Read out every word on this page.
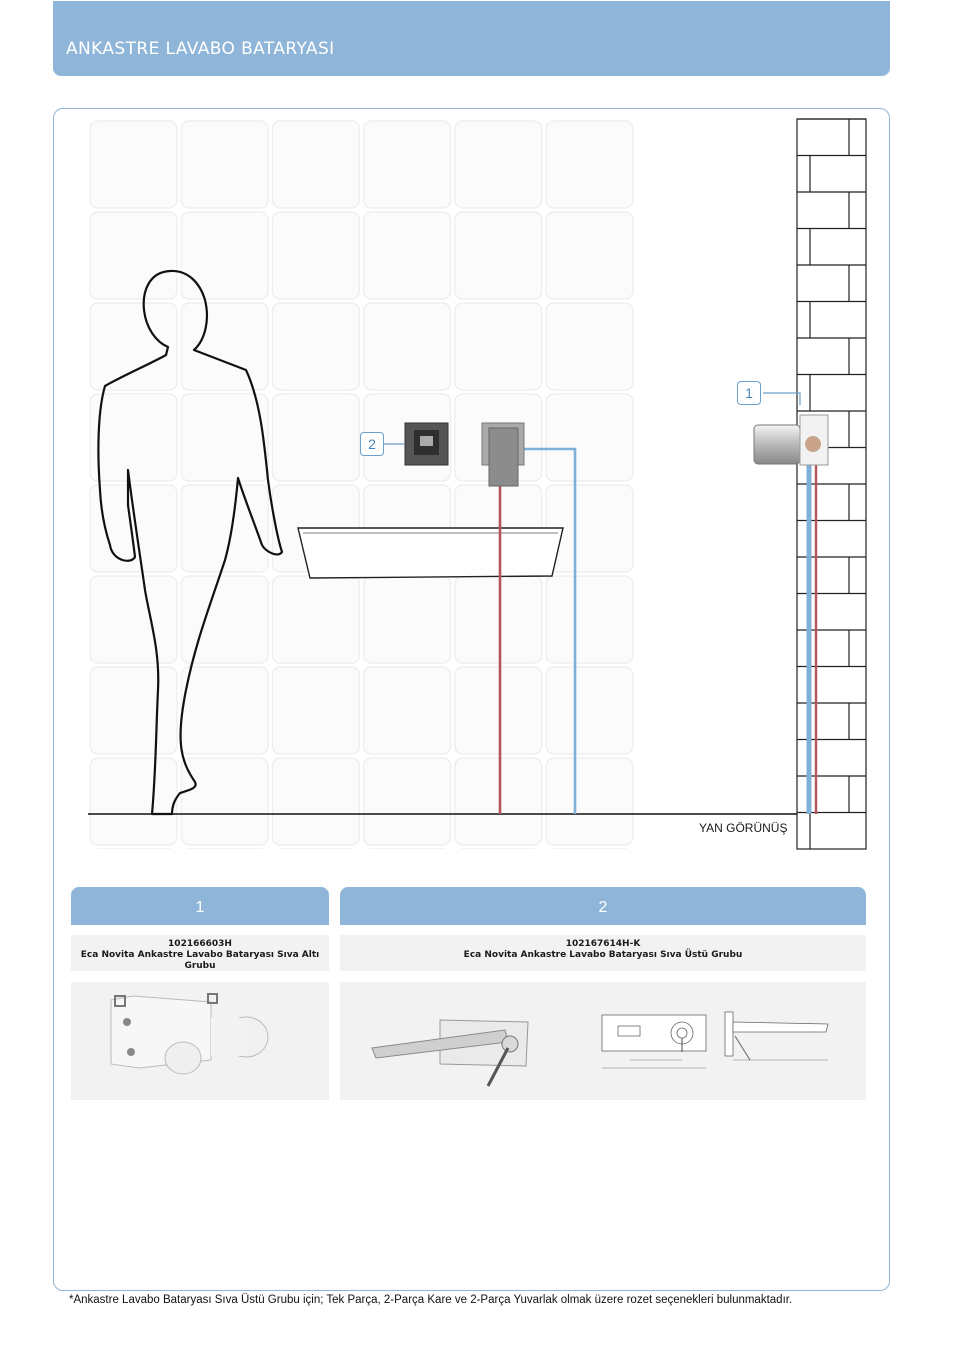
ANKASTRE LAVABO BATARYASI
1
2
YAN GÖRÜNÜŞ
1
102166603H
Eca Novita Ankastre Lavabo Bataryası Sıva Altı Grubu
2
102167614H-K
Eca Novita Ankastre Lavabo Bataryası Sıva Üstü Grubu
*Ankastre Lavabo Bataryası Sıva Üstü Grubu için; Tek Parça, 2-Parça Kare ve 2-Parça Yuvarlak olmak üzere rozet seçenekleri bulunmaktadır.
